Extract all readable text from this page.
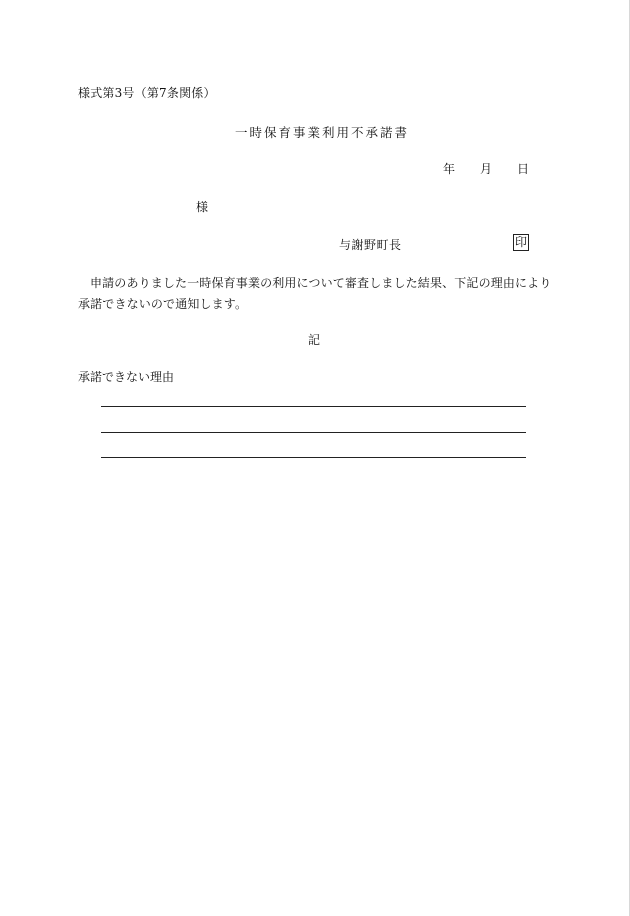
様式第3号（第7条関係）
一時保育事業利用不承諾書
年 月 日
様
与謝野町長	印
申請のありました一時保育事業の利用について審査しました結果、下記の理由により承諾できないので通知します。
記
承諾できない理由
